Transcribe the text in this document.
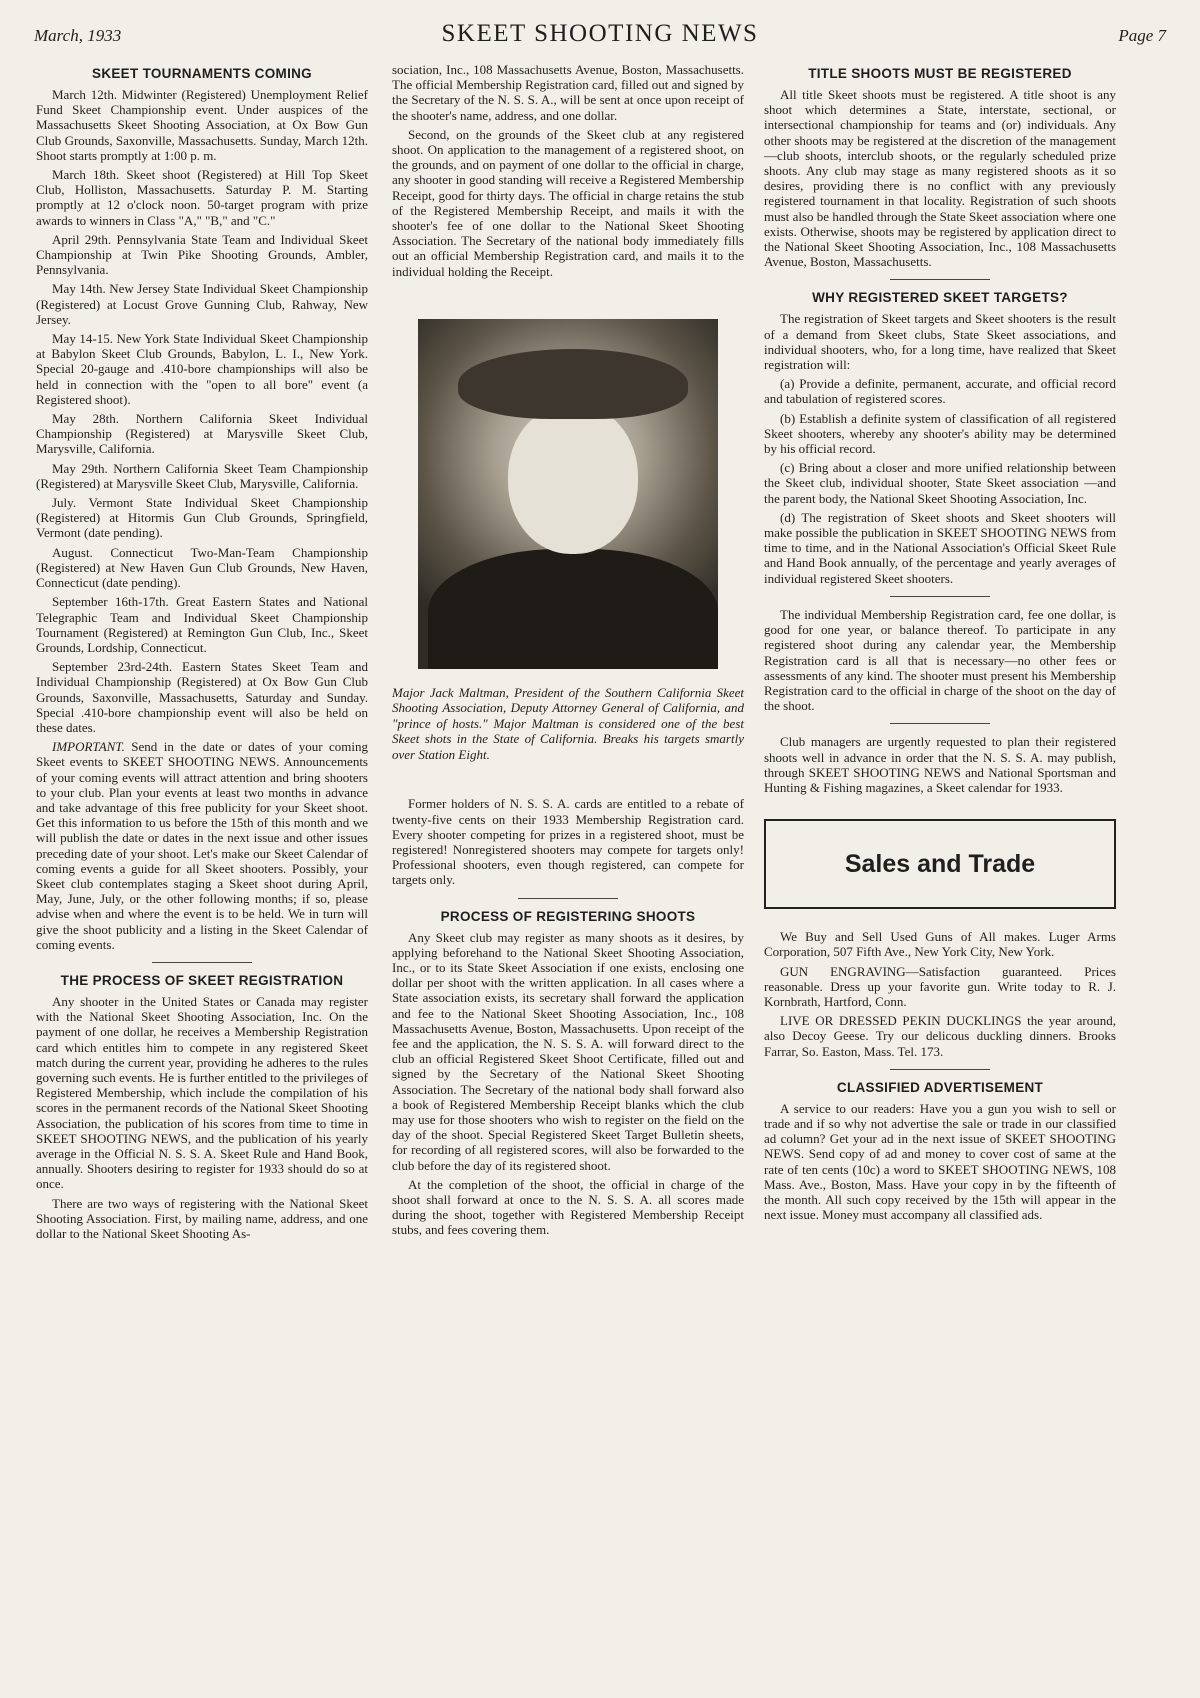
March, 1933	SKEET SHOOTING NEWS	Page 7
SKEET TOURNAMENTS COMING

March 12th. Midwinter (Registered) Unemployment Relief Fund Skeet Championship event. Under auspices of the Massachusetts Skeet Shooting Association, at Ox Bow Gun Club Grounds, Saxonville, Massachusetts. Sunday, March 12th. Shoot starts promptly at 1:00 p. m.

March 18th. Skeet shoot (Registered) at Hill Top Skeet Club, Holliston, Massachusetts. Saturday P. M. Starting promptly at 12 o'clock noon. 50-target program with prize awards to winners in Class "A," "B," and "C."

April 29th. Pennsylvania State Team and Individual Skeet Championship at Twin Pike Shooting Grounds, Ambler, Pennsylvania.

May 14th. New Jersey State Individual Skeet Championship (Registered) at Locust Grove Gunning Club, Rahway, New Jersey.

May 14-15. New York State Individual Skeet Championship at Babylon Skeet Club Grounds, Babylon, L. I., New York. Special 20-gauge and .410-bore championships will also be held in connection with the "open to all bore" event (a Registered shoot).

May 28th. Northern California Skeet Individual Championship (Registered) at Marysville Skeet Club, Marysville, California.

May 29th. Northern California Skeet Team Championship (Registered) at Marysville Skeet Club, Marysville, California.

July. Vermont State Individual Skeet Championship (Registered) at Hitormis Gun Club Grounds, Springfield, Vermont (date pending).

August. Connecticut Two-Man-Team Championship (Registered) at New Haven Gun Club Grounds, New Haven, Connecticut (date pending).

September 16th-17th. Great Eastern States and National Telegraphic Team and Individual Skeet Championship Tournament (Registered) at Remington Gun Club, Inc., Skeet Grounds, Lordship, Connecticut.

September 23rd-24th. Eastern States Skeet Team and Individual Championship (Registered) at Ox Bow Gun Club Grounds, Saxonville, Massachusetts, Saturday and Sunday. Special .410-bore championship event will also be held on these dates.

IMPORTANT. Send in the date or dates of your coming Skeet events to SKEET SHOOTING NEWS. Announcements of your coming events will attract attention and bring shooters to your club. Plan your events at least two months in advance and take advantage of this free publicity for your Skeet shoot. Get this information to us before the 15th of this month and we will publish the date or dates in the next issue and other issues preceding date of your shoot. Let's make our Skeet Calendar of coming events a guide for all Skeet shooters. Possibly, your Skeet club contemplates staging a Skeet shoot during April, May, June, July, or the other following months; if so, please advise when and where the event is to be held. We in turn will give the shoot publicity and a listing in the Skeet Calendar of coming events.

THE PROCESS OF SKEET REGISTRATION

Any shooter in the United States or Canada may register with the National Skeet Shooting Association, Inc. On the payment of one dollar, he receives a Membership Registration card which entitles him to compete in any registered Skeet match during the current year, providing he adheres to the rules governing such events. He is further entitled to the privileges of Registered Membership, which include the compilation of his scores in the permanent records of the National Skeet Shooting Association, the publication of his scores from time to time in SKEET SHOOTING NEWS, and the publication of his yearly average in the Official N. S. S. A. Skeet Rule and Hand Book, annually. Shooters desiring to register for 1933 should do so at once.

There are two ways of registering with the National Skeet Shooting Association. First, by mailing name, address, and one dollar to the National Skeet Shooting As-

sociation, Inc., 108 Massachusetts Avenue, Boston, Massachusetts. The official Membership Registration card, filled out and signed by the Secretary of the N. S. S. A., will be sent at once upon receipt of the shooter's name, address, and one dollar.

Second, on the grounds of the Skeet club at any registered shoot. On application to the management of a registered shoot, on the grounds, and on payment of one dollar to the official in charge, any shooter in good standing will receive a Registered Membership Receipt, good for thirty days. The official in charge retains the stub of the Registered Membership Receipt, and mails it with the shooter's fee of one dollar to the National Skeet Shooting Association. The Secretary of the national body immediately fills out an official Membership Registration card, and mails it to the individual holding the Receipt.

Major Jack Maltman, President of the Southern California Skeet Shooting Association, Deputy Attorney General of California, and "prince of hosts." Major Maltman is considered one of the best Skeet shots in the State of California. Breaks his targets smartly over Station Eight.

Former holders of N. S. S. A. cards are entitled to a rebate of twenty-five cents on their 1933 Membership Registration card. Every shooter competing for prizes in a registered shoot, must be registered! Nonregistered shooters may compete for targets only! Professional shooters, even though registered, can compete for targets only.

PROCESS OF REGISTERING SHOOTS

Any Skeet club may register as many shoots as it desires, by applying beforehand to the National Skeet Shooting Association, Inc., or to its State Skeet Association if one exists, enclosing one dollar per shoot with the written application. In all cases where a State association exists, its secretary shall forward the application and fee to the National Skeet Shooting Association, Inc., 108 Massachusetts Avenue, Boston, Massachusetts. Upon receipt of the fee and the application, the N. S. S. A. will forward direct to the club an official Registered Skeet Shoot Certificate, filled out and signed by the Secretary of the National Skeet Shooting Association. The Secretary of the national body shall forward also a book of Registered Membership Receipt blanks which the club may use for those shooters who wish to register on the field on the day of the shoot. Special Registered Skeet Target Bulletin sheets, for recording of all registered scores, will also be forwarded to the club before the day of its registered shoot.

At the completion of the shoot, the official in charge of the shoot shall forward at once to the N. S. S. A. all scores made during the shoot, together with Registered Membership Receipt stubs, and fees covering them.

TITLE SHOOTS MUST BE REGISTERED

All title Skeet shoots must be registered. A title shoot is any shoot which determines a State, interstate, sectional, or intersectional championship for teams and (or) individuals. Any other shoots may be registered at the discretion of the management—club shoots, interclub shoots, or the regularly scheduled prize shoots. Any club may stage as many registered shoots as it so desires, providing there is no conflict with any previously registered tournament in that locality. Registration of such shoots must also be handled through the State Skeet association where one exists. Otherwise, shoots may be registered by application direct to the National Skeet Shooting Association, Inc., 108 Massachusetts Avenue, Boston, Massachusetts.

WHY REGISTERED SKEET TARGETS?

The registration of Skeet targets and Skeet shooters is the result of a demand from Skeet clubs, State Skeet associations, and individual shooters, who, for a long time, have realized that Skeet registration will:

(a) Provide a definite, permanent, accurate, and official record and tabulation of registered scores.

(b) Establish a definite system of classification of all registered Skeet shooters, whereby any shooter's ability may be determined by his official record.

(c) Bring about a closer and more unified relationship between the Skeet club, individual shooter, State Skeet association —and the parent body, the National Skeet Shooting Association, Inc.

(d) The registration of Skeet shoots and Skeet shooters will make possible the publication in SKEET SHOOTING NEWS from time to time, and in the National Association's Official Skeet Rule and Hand Book annually, of the percentage and yearly averages of individual registered Skeet shooters.

The individual Membership Registration card, fee one dollar, is good for one year, or balance thereof. To participate in any registered shoot during any calendar year, the Membership Registration card is all that is necessary—no other fees or assessments of any kind. The shooter must present his Membership Registration card to the official in charge of the shoot on the day of the shoot.

Club managers are urgently requested to plan their registered shoots well in advance in order that the N. S. S. A. may publish, through SKEET SHOOTING NEWS and National Sportsman and Hunting & Fishing magazines, a Skeet calendar for 1933.

Sales and Trade

We Buy and Sell Used Guns of All makes. Luger Arms Corporation, 507 Fifth Ave., New York City, New York.

GUN ENGRAVING—Satisfaction guaranteed. Prices reasonable. Dress up your favorite gun. Write today to R. J. Kornbrath, Hartford, Conn.

LIVE OR DRESSED PEKIN DUCKLINGS the year around, also Decoy Geese. Try our delicous duckling dinners. Brooks Farrar, So. Easton, Mass. Tel. 173.

CLASSIFIED ADVERTISEMENT

A service to our readers: Have you a gun you wish to sell or trade and if so why not advertise the sale or trade in our classified ad column? Get your ad in the next issue of SKEET SHOOTING NEWS. Send copy of ad and money to cover cost of same at the rate of ten cents (10c) a word to SKEET SHOOTING NEWS, 108 Mass. Ave., Boston, Mass. Have your copy in by the fifteenth of the month. All such copy received by the 15th will appear in the next issue. Money must accompany all classified ads.
